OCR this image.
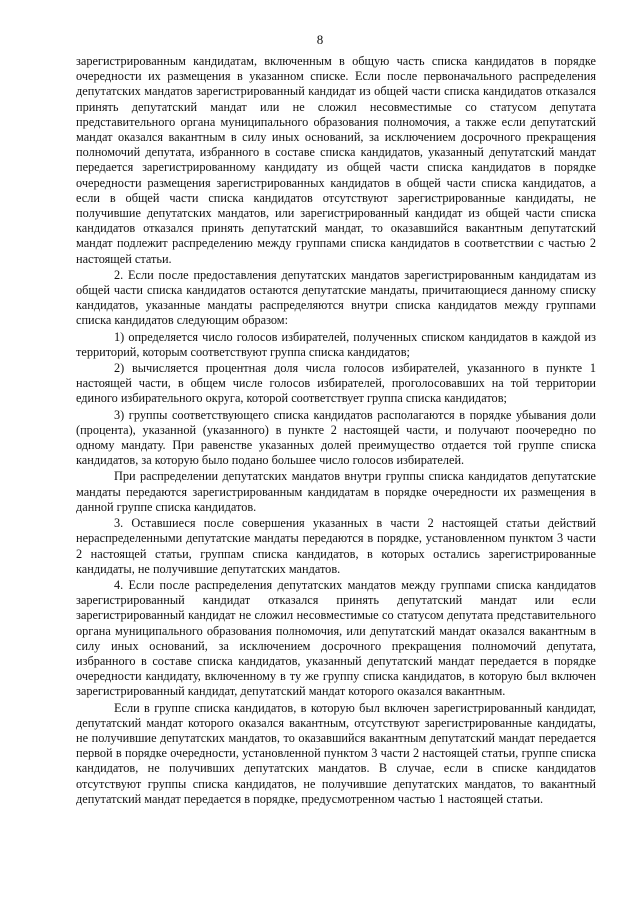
8

зарегистрированным кандидатам, включенным в общую часть списка кандидатов в порядке очередности их размещения в указанном списке. Если после первоначального распределения депутатских мандатов зарегистрированный кандидат из общей части списка кандидатов отказался принять депутатский мандат или не сложил несовместимые со статусом депутата представительного органа муниципального образования полномочия, а также если депутатский мандат оказался вакантным в силу иных оснований, за исключением досрочного прекращения полномочий депутата, избранного в составе списка кандидатов, указанный депутатский мандат передается зарегистрированному кандидату из общей части списка кандидатов в порядке очередности размещения зарегистрированных кандидатов в общей части списка кандидатов, а если в общей части списка кандидатов отсутствуют зарегистрированные кандидаты, не получившие депутатских мандатов, или зарегистрированный кандидат из общей части списка кандидатов отказался принять депутатский мандат, то оказавшийся вакантным депутатский мандат подлежит распределению между группами списка кандидатов в соответствии с частью 2 настоящей статьи.

2. Если после предоставления депутатских мандатов зарегистрированным кандидатам из общей части списка кандидатов остаются депутатские мандаты, причитающиеся данному списку кандидатов, указанные мандаты распределяются внутри списка кандидатов между группами списка кандидатов следующим образом:

1) определяется число голосов избирателей, полученных списком кандидатов в каждой из территорий, которым соответствуют группа списка кандидатов;

2) вычисляется процентная доля числа голосов избирателей, указанного в пункте 1 настоящей части, в общем числе голосов избирателей, проголосовавших на той территории единого избирательного округа, которой соответствует группа списка кандидатов;

3) группы соответствующего списка кандидатов располагаются в порядке убывания доли (процента), указанной (указанного) в пункте 2 настоящей части, и получают поочередно по одному мандату. При равенстве указанных долей преимущество отдается той группе списка кандидатов, за которую было подано большее число голосов избирателей.

При распределении депутатских мандатов внутри группы списка кандидатов депутатские мандаты передаются зарегистрированным кандидатам в порядке очередности их размещения в данной группе списка кандидатов.

3. Оставшиеся после совершения указанных в части 2 настоящей статьи действий нераспределенными депутатские мандаты передаются в порядке, установленном пунктом 3 части 2 настоящей статьи, группам списка кандидатов, в которых остались зарегистрированные кандидаты, не получившие депутатских мандатов.

4. Если после распределения депутатских мандатов между группами списка кандидатов зарегистрированный кандидат отказался принять депутатский мандат или если зарегистрированный кандидат не сложил несовместимые со статусом депутата представительного органа муниципального образования полномочия, или депутатский мандат оказался вакантным в силу иных оснований, за исключением досрочного прекращения полномочий депутата, избранного в составе списка кандидатов, указанный депутатский мандат передается в порядке очередности кандидату, включенному в ту же группу списка кандидатов, в которую был включен зарегистрированный кандидат, депутатский мандат которого оказался вакантным.

Если в группе списка кандидатов, в которую был включен зарегистрированный кандидат, депутатский мандат которого оказался вакантным, отсутствуют зарегистрированные кандидаты, не получившие депутатских мандатов, то оказавшийся вакантным депутатский мандат передается первой в порядке очередности, установленной пунктом 3 части 2 настоящей статьи, группе списка кандидатов, не получивших депутатских мандатов. В случае, если в списке кандидатов отсутствуют группы списка кандидатов, не получившие депутатских мандатов, то вакантный депутатский мандат передается в порядке, предусмотренном частью 1 настоящей статьи.
